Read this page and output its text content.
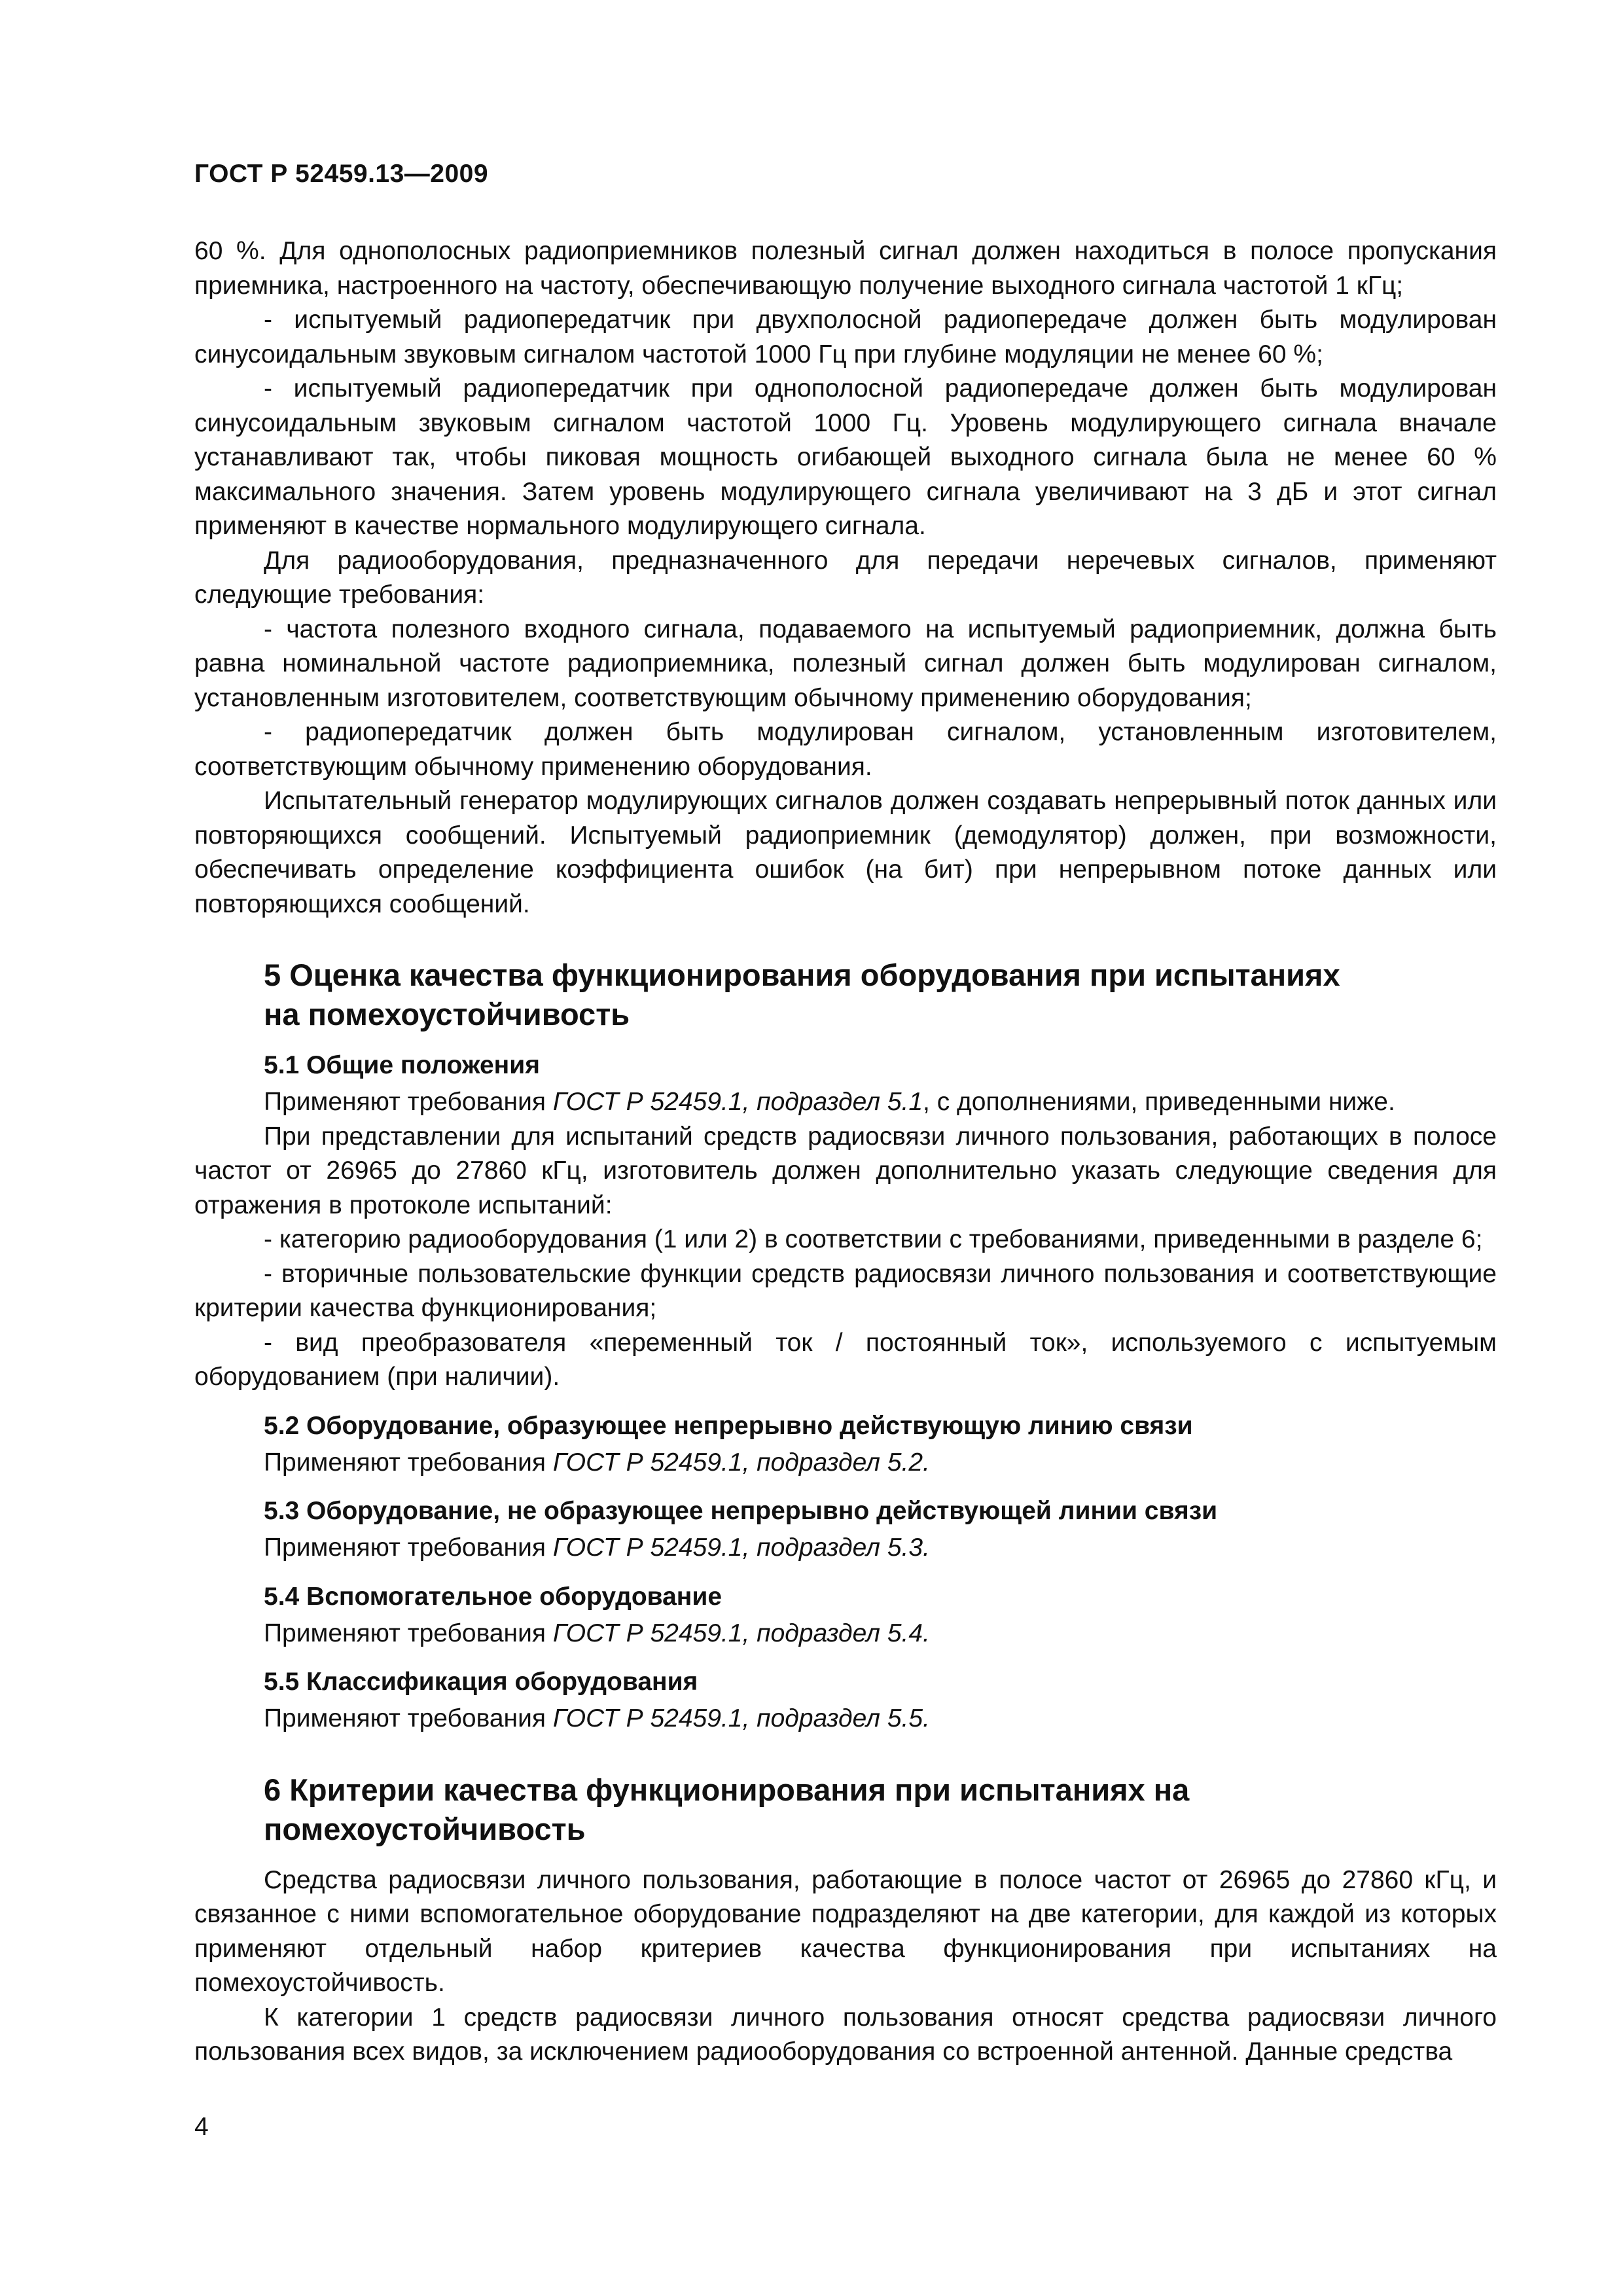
ГОСТ Р 52459.13—2009

60 %. Для однополосных радиоприемников полезный сигнал должен находиться в полосе пропускания приемника, настроенного на частоту, обеспечивающую получение выходного сигнала частотой 1 кГц;

- испытуемый радиопередатчик при двухполосной радиопередаче должен быть модулирован синусоидальным звуковым сигналом частотой 1000 Гц при глубине модуляции не менее 60 %;

- испытуемый радиопередатчик при однополосной радиопередаче должен быть модулирован синусоидальным звуковым сигналом частотой 1000 Гц. Уровень модулирующего сигнала вначале устанавливают так, чтобы пиковая мощность огибающей выходного сигнала была не менее 60 % максимального значения. Затем уровень модулирующего сигнала увеличивают на 3 дБ и этот сигнал применяют в качестве нормального модулирующего сигнала.

Для радиооборудования, предназначенного для передачи неречевых сигналов, применяют следующие требования:

- частота полезного входного сигнала, подаваемого на испытуемый радиоприемник, должна быть равна номинальной частоте радиоприемника, полезный сигнал должен быть модулирован сигналом, установленным изготовителем, соответствующим обычному применению оборудования;

- радиопередатчик должен быть модулирован сигналом, установленным изготовителем, соответствующим обычному применению оборудования.

Испытательный генератор модулирующих сигналов должен создавать непрерывный поток данных или повторяющихся сообщений. Испытуемый радиоприемник (демодулятор) должен, при возможности, обеспечивать определение коэффициента ошибок (на бит) при непрерывном потоке данных или повторяющихся сообщений.

5 Оценка качества функционирования оборудования при испытаниях на помехоустойчивость
5.1 Общие положения

Применяют требования ГОСТ Р 52459.1, подраздел 5.1, с дополнениями, приведенными ниже.

При представлении для испытаний средств радиосвязи личного пользования, работающих в полосе частот от 26965 до 27860 кГц, изготовитель должен дополнительно указать следующие сведения для отражения в протоколе испытаний:

- категорию радиооборудования (1 или 2) в соответствии с требованиями, приведенными в разделе 6;

- вторичные пользовательские функции средств радиосвязи личного пользования и соответствующие критерии качества функционирования;

- вид преобразователя «переменный ток / постоянный ток», используемого с испытуемым оборудованием (при наличии).

5.2 Оборудование, образующее непрерывно действующую линию связи

Применяют требования ГОСТ Р 52459.1, подраздел 5.2.

5.3 Оборудование, не образующее непрерывно действующей линии связи

Применяют требования ГОСТ Р 52459.1, подраздел 5.3.

5.4 Вспомогательное оборудование

Применяют требования ГОСТ Р 52459.1, подраздел 5.4.

5.5 Классификация оборудования

Применяют требования ГОСТ Р 52459.1, подраздел 5.5.

6 Критерии качества функционирования при испытаниях на помехоустойчивость

Средства радиосвязи личного пользования, работающие в полосе частот от 26965 до 27860 кГц, и связанное с ними вспомогательное оборудование подразделяют на две категории, для каждой из которых применяют отдельный набор критериев качества функционирования при испытаниях на помехоустойчивость.

К категории 1 средств радиосвязи личного пользования относят средства радиосвязи личного пользования всех видов, за исключением радиооборудования со встроенной антенной. Данные средства

4
